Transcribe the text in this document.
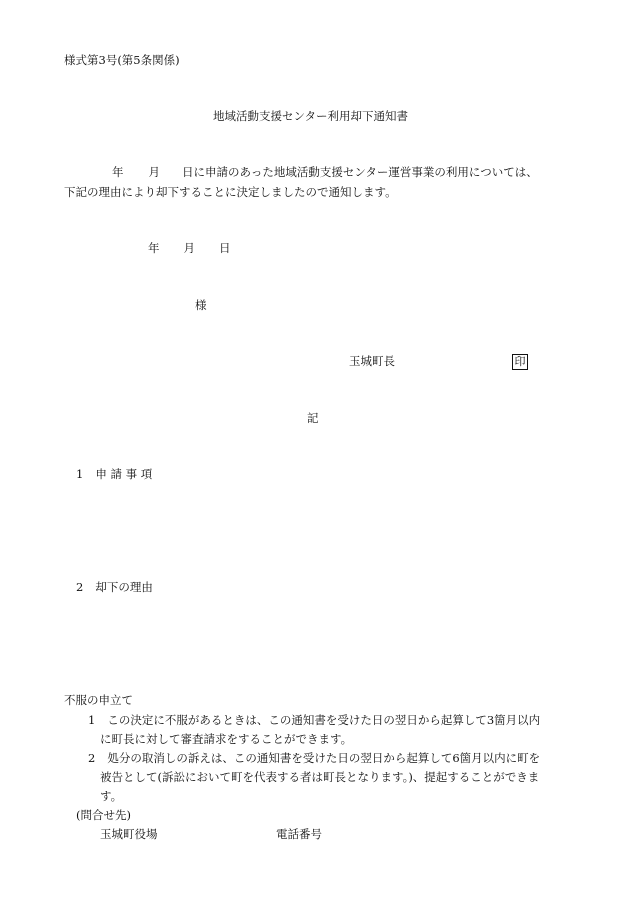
様式第3号(第5条関係)
地域活動支援センター利用却下通知書
年 月 日に申請のあった地域活動支援センター運営事業の利用については、
下記の理由により却下することに決定しましたので通知します。
年 月 日
様
玉城町長	印
記
1 申 請 事 項
2 却下の理由
不服の申立て
1 この決定に不服があるときは、この通知書を受けた日の翌日から起算して3箇月以内
に町長に対して審査請求をすることができます。
2 処分の取消しの訴えは、この通知書を受けた日の翌日から起算して6箇月以内に町を
被告として(訴訟において町を代表する者は町長となります。)、提起することができま
す。
(問合せ先)
玉城町役場	電話番号
